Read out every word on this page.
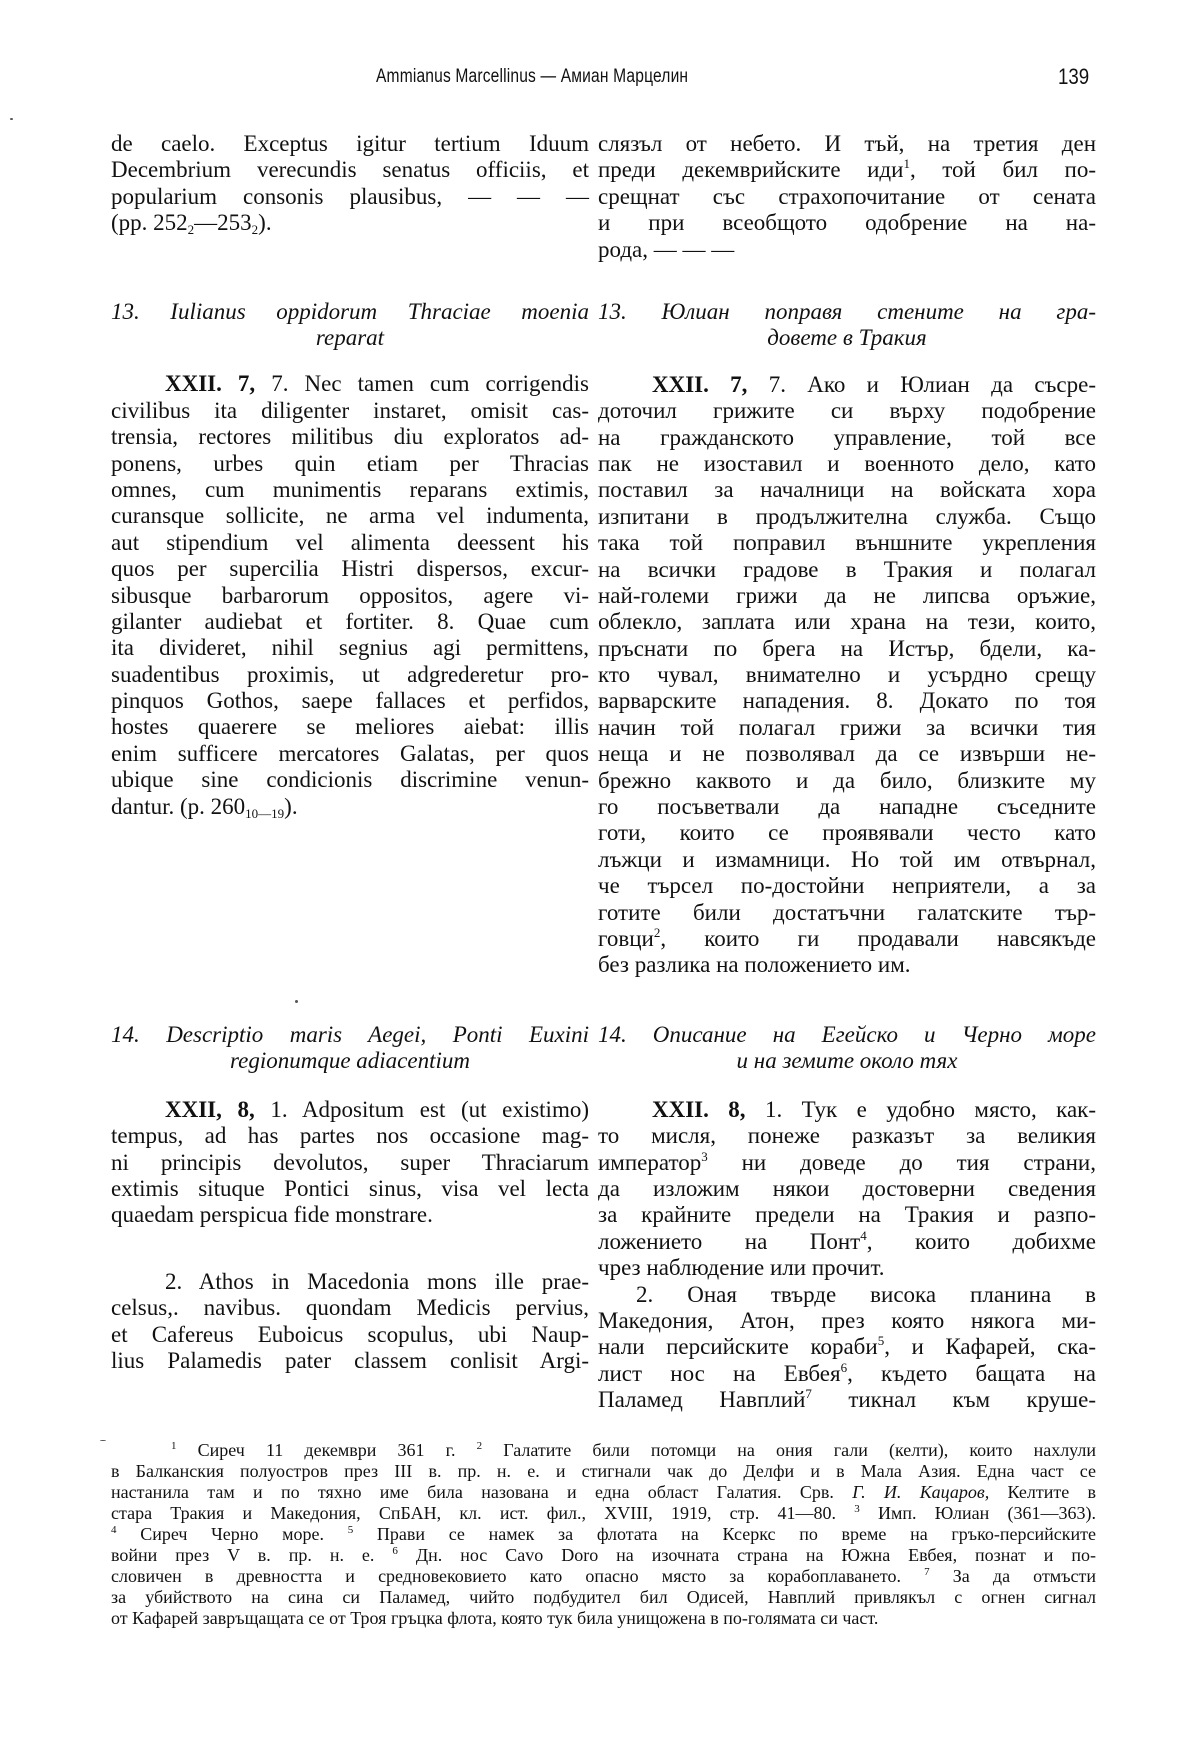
Ammianus Marcellinus — Амиан Марцелин	139
de caelo. Exceptus igitur tertium Iduum
Decembrium verecundis senatus officiis, et
popularium consonis plausibus, — — —
(pp. $252_2—253_2$).
13. Iulianus oppidorum Thraciae moenia
reparat
XXII. 7, 7. Nec tamen cum corrigendis
civilibus ita diligenter instaret, omisit cas-
trensia, rectores militibus diu exploratos ad-
ponens, urbes quin etiam per Thracias
omnes, cum munimentis reparans extimis,
curansque sollicite, ne arma vel indumenta,
aut stipendium vel alimenta deessent his
quos per supercilia Histri dispersos, excur-
sibusque barbarorum oppositos, agere vi-
gilanter audiebat et fortiter. 8. Quae cum
ita divideret, nihil segnius agi permittens,
suadentibus proximis, ut adgrederetur pro-
pinquos Gothos, saepe fallaces et perfidos,
hostes quaerere se meliores aiebat: illis
enim sufficere mercatores Galatas, per quos
ubique sine condicionis discrimine venun-
dantur. (p. $260_{10—19}$).
14. Descriptio maris Aegei, Ponti Euxini
regionumque adiacentium
XXII, 8, 1. Adpositum est (ut existimo)
tempus, ad has partes nos occasione mag-
ni principis devolutos, super Thraciarum
extimis situque Pontici sinus, visa vel lecta
quaedam perspicua fide monstrare.
2. Athos in Macedonia mons ille prae-
celsus,. navibus. quondam Medicis pervius,
et Cafereus Euboicus scopulus, ubi Naup-
lius Palamedis pater classem conlisit Argi-
слязъл от небето. И тъй, на третия ден
преди декемврийските иди$^1$, той бил по-
срещнат със страхопочитание от сената
и при всеобщото одобрение на на-
рода, — — —
13. Юлиан поправя стените на гра-
довете в Тракия
XXII. 7, 7. Ако и Юлиан да съсре-
доточил грижите си върху подобрение
на гражданското управление, той все
пак не изоставил и военното дело, като
поставил за началници на войската хора
изпитани в продължителна служба. Също
така той поправил външните укрепления
на всички градове в Тракия и полагал
най-големи грижи да не липсва оръжие,
облекло, заплата или храна на тези, които,
пръснати по брега на Истър, бдели, ка-
кто чувал, внимателно и усърдно срещу
варварските нападения. 8. Докато по тоя
начин той полагал грижи за всички тия
неща и не позволявал да се извърши не-
брежно каквото и да било, близките му
го посъветвали да нападне съседните
готи, които се проявявали често като
лъжци и измамници. Но той им отвърнал,
че търсел по-достойни неприятели, а за
готите били достатъчни галатските тър-
говци$^2$, които ги продавали навсякъде
без разлика на положението им.
14. Описание на Егейско и Черно море
и на земите около тях
XXII. 8, 1. Тук е удобно място, как-
то мисля, понеже разказът за великия
император$^3$ ни доведе до тия страни,
да изложим някои достоверни сведения
за крайните предели на Тракия и разпо-
ложението на Понт$^4$, които добихме
чрез наблюдение или прочит.
2. Оная твърде висока планина в
Македония, Атон, през която някога ми-
нали персийските кораби$^5$, и Кафарей, ска-
лист нос на Евбея$^6$, където бащата на
Паламед Навплий$^7$ тикнал към круше-
$^1$ Сиреч 11 декември 361 г. $^2$ Галатите били потомци на ония гали (келти), които нахлули
в Балканския полуостров през III в. пр. н. е. и стигнали чак до Делфи и в Мала Азия. Една част се
настанила там и по тяхно име била назована и една област Галатия. Срв. Г. И. Кацаров, Келтите в
стара Тракия и Македония, СпБАН, кл. ист. фил., XVIII, 1919, стр. 41—80. $^3$ Имп. Юлиан (361—363).
$^4$ Сиреч Черно море. $^5$ Прави се намек за флотата на Ксеркс по време на гръко-персийските
войни през V в. пр. н. е. $^6$ Дн. нос Cavo Doro на изочната страна на Южна Евбея, познат и по-
словичен в древността и средновековието като опасно място за корабоплаването. $^7$ За да отмъсти
за убийството на сина си Паламед, чийто подбудител бил Одисей, Навплий привлякъл с огнен сигнал
от Кафарей завръщащата се от Троя гръцка флота, която тук била унищожена в по-голямата си част.
